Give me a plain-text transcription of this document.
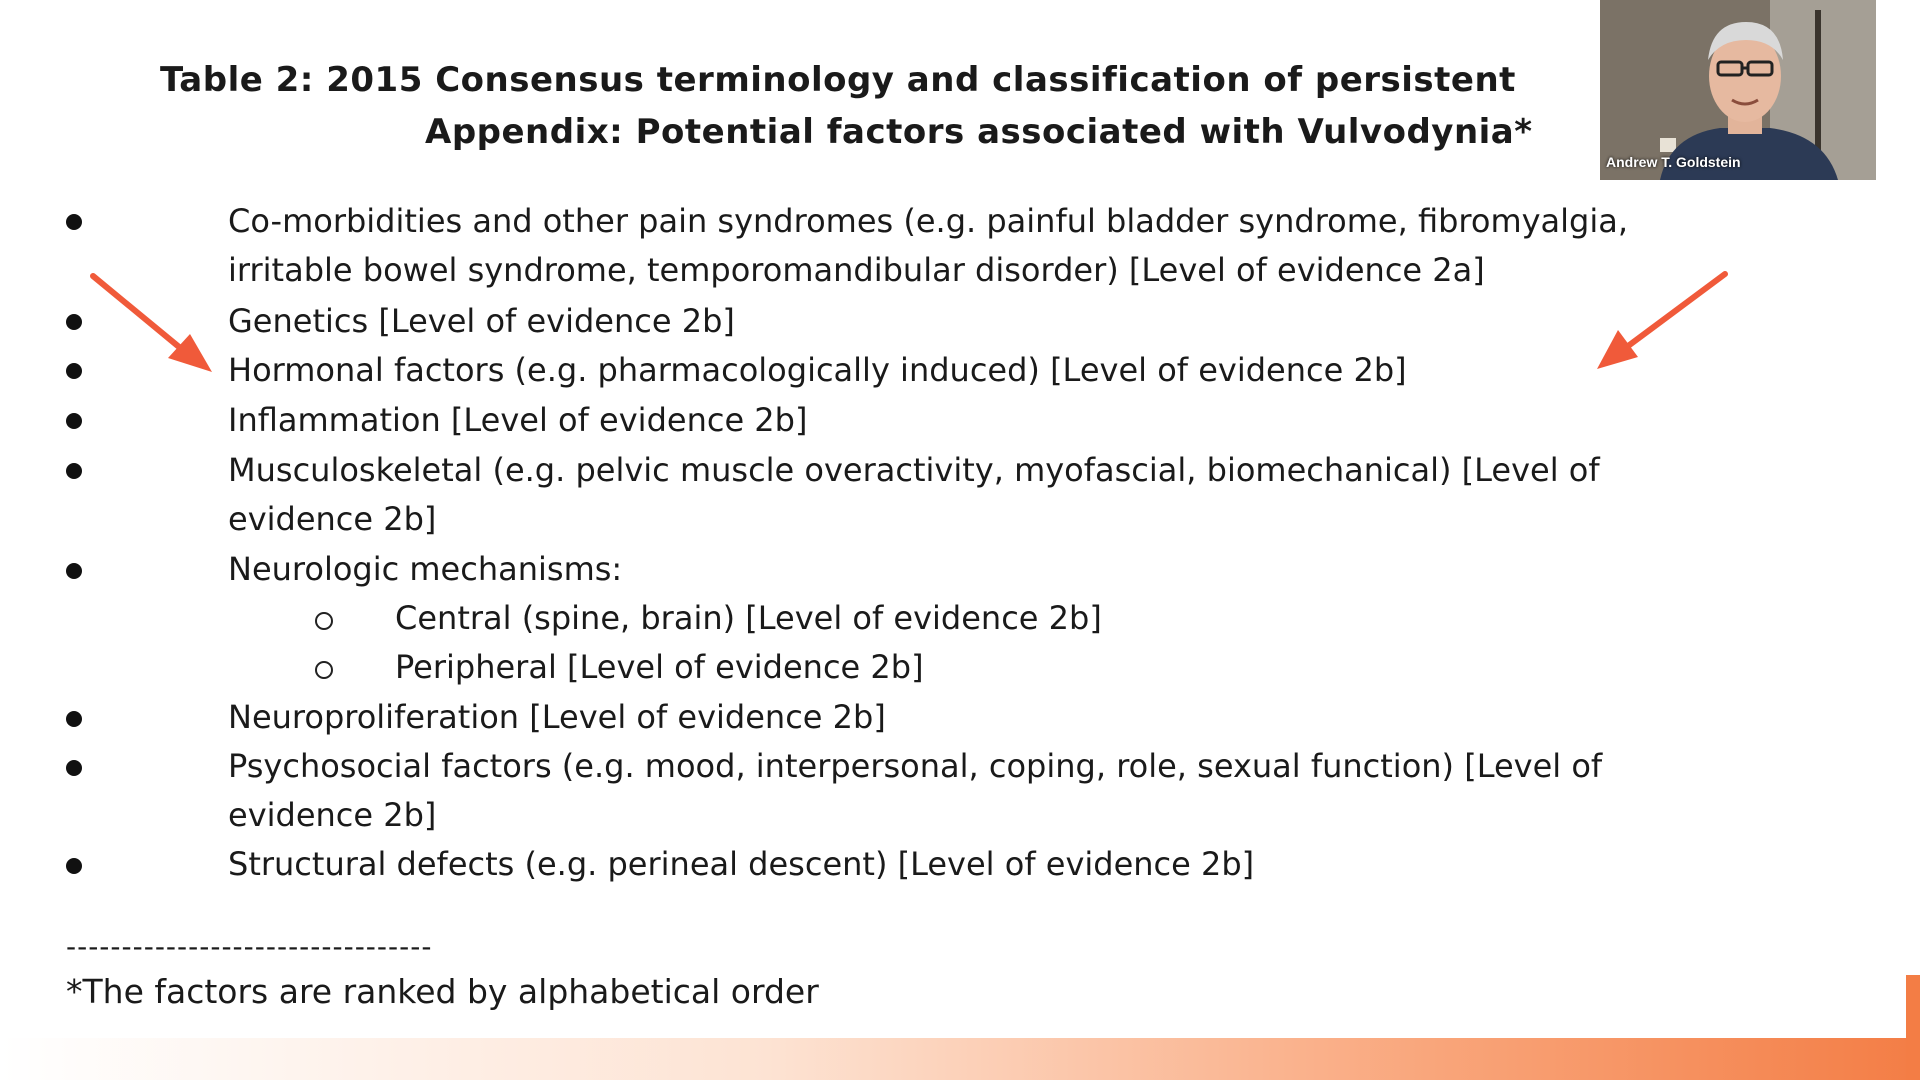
Table 2: 2015 Consensus terminology and classification of persistent
Appendix: Potential factors associated with Vulvodynia*
Co-morbidities and other pain syndromes (e.g. painful bladder syndrome, fibromyalgia,
irritable bowel syndrome, temporomandibular disorder) [Level of evidence 2a]
Genetics [Level of evidence 2b]
Hormonal factors (e.g. pharmacologically induced) [Level of evidence 2b]
Inflammation [Level of evidence 2b]
Musculoskeletal (e.g. pelvic muscle overactivity, myofascial, biomechanical) [Level of
evidence 2b]
Neurologic mechanisms:
Central (spine, brain) [Level of evidence 2b]
Peripheral [Level of evidence 2b]
Neuroproliferation [Level of evidence 2b]
Psychosocial factors (e.g. mood, interpersonal, coping, role, sexual function) [Level of
evidence 2b]
Structural defects (e.g. perineal descent) [Level of evidence 2b]
---------------------------------
*The factors are ranked by alphabetical order
Andrew T. Goldstein
